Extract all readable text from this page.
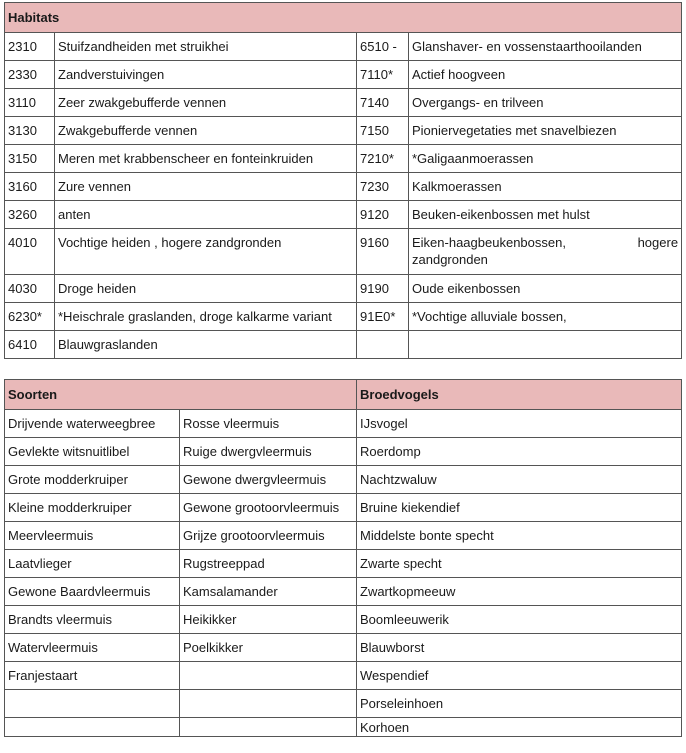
Habitats			
2310	Stuifzandheiden met struikhei	6510 -	Glanshaver- en vossenstaarthooilanden
2330	Zandverstuivingen	7110*	Actief hoogveen
3110	Zeer zwakgebufferde vennen	7140	Overgangs- en trilveen
3130	Zwakgebufferde vennen	7150	Pioniervegetaties met snavelbiezen
3150	Meren met krabbenscheer en fonteinkruiden	7210*	*Galigaanmoerassen
3160	Zure vennen	7230	Kalkmoerassen
3260	anten	9120	Beuken-eikenbossen met hulst
4010	Vochtige heiden , hogere zandgronden	9160	Eiken-haagbeukenbossen,                hogere zandgronden
4030	Droge heiden	9190	Oude eikenbossen
6230*	*Heischrale graslanden, droge kalkarme variant	91E0*	*Vochtige alluviale bossen,
6410	Blauwgraslanden		
Soorten		Broedvogels
Drijvende waterweegbree	Rosse vleermuis	IJsvogel
Gevlekte witsnuitlibel	Ruige dwergvleermuis	Roerdomp
Grote modderkruiper	Gewone dwergvleermuis	Nachtzwaluw
Kleine modderkruiper	Gewone grootoorvleermuis	Bruine kiekendief
Meervleermuis	Grijze grootoorvleermuis	Middelste bonte specht
Laatvlieger	Rugstreeppad	Zwarte specht
Gewone Baardvleermuis	Kamsalamander	Zwartkopmeeuw
Brandts vleermuis	Heikikker	Boomleeuwerik
Watervleermuis	Poelkikker	Blauwborst
Franjestaart		Wespendief
		Porseleinhoen
		Korhoen
